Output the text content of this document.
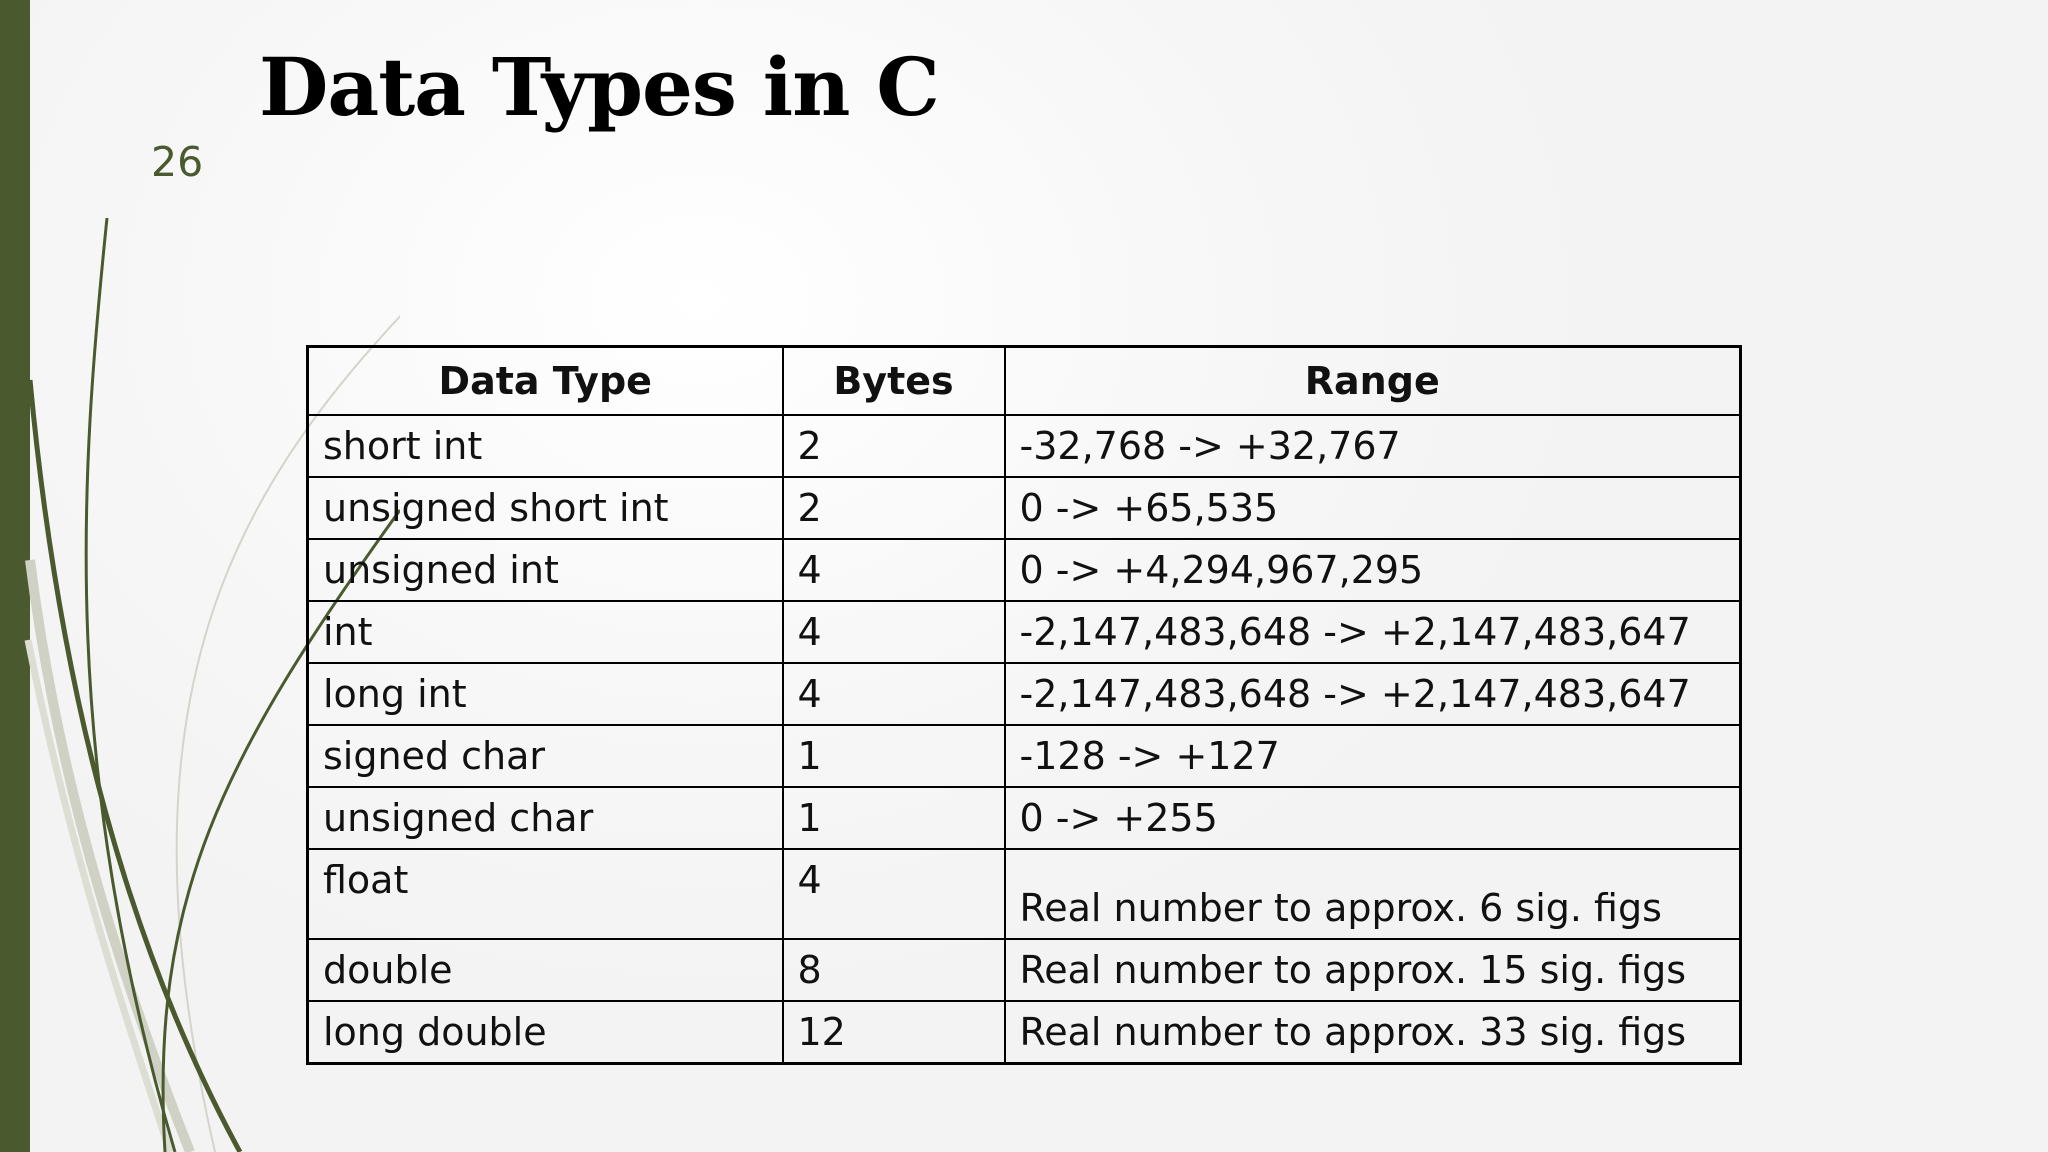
Data Types in C
26
Data Type	Bytes	Range
short int	2	-32,768 -> +32,767
unsigned short int	2	0 -> +65,535
unsigned int	4	0 -> +4,294,967,295
int	4	-2,147,483,648 -> +2,147,483,647
long int	4	-2,147,483,648 -> +2,147,483,647
signed char	1	-128 -> +127
unsigned char	1	0 -> +255
float	4	Real number to approx. 6 sig. figs
double	8	Real number to approx. 15 sig. figs
long double	12	Real number to approx. 33 sig. figs
